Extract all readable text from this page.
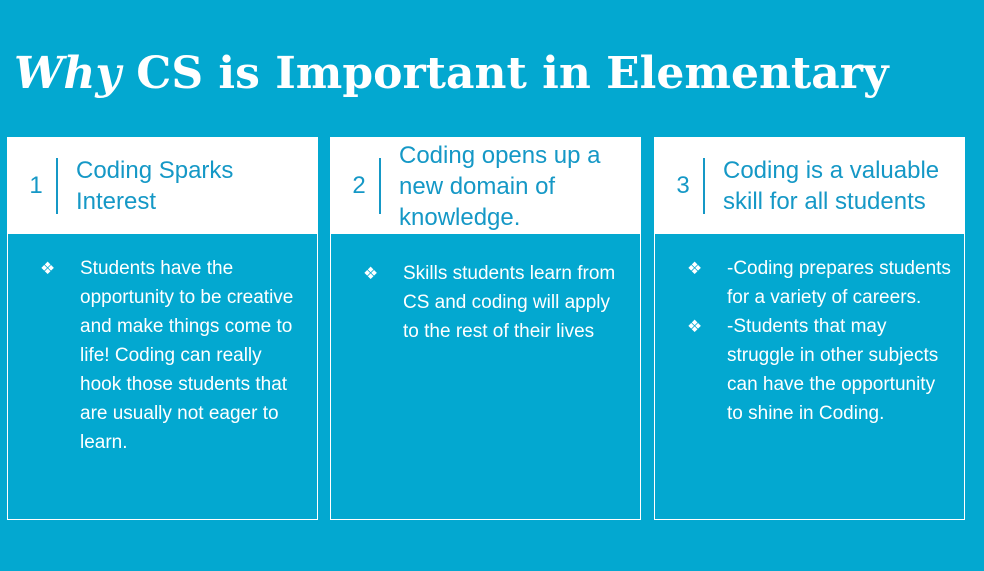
Why CS is Important in Elementary
1
Coding Sparks Interest
❖	Students have the opportunity to be creative and make things come to life! Coding can really hook those students that are usually not eager to learn.
2
Coding opens up a new domain of knowledge.
❖	Skills students learn from CS and coding will apply to the rest of their lives
3
Coding is a valuable skill for all students
❖	-Coding prepares students for a variety of careers.
❖	-Students that may struggle in other subjects can have the opportunity to shine in Coding.
